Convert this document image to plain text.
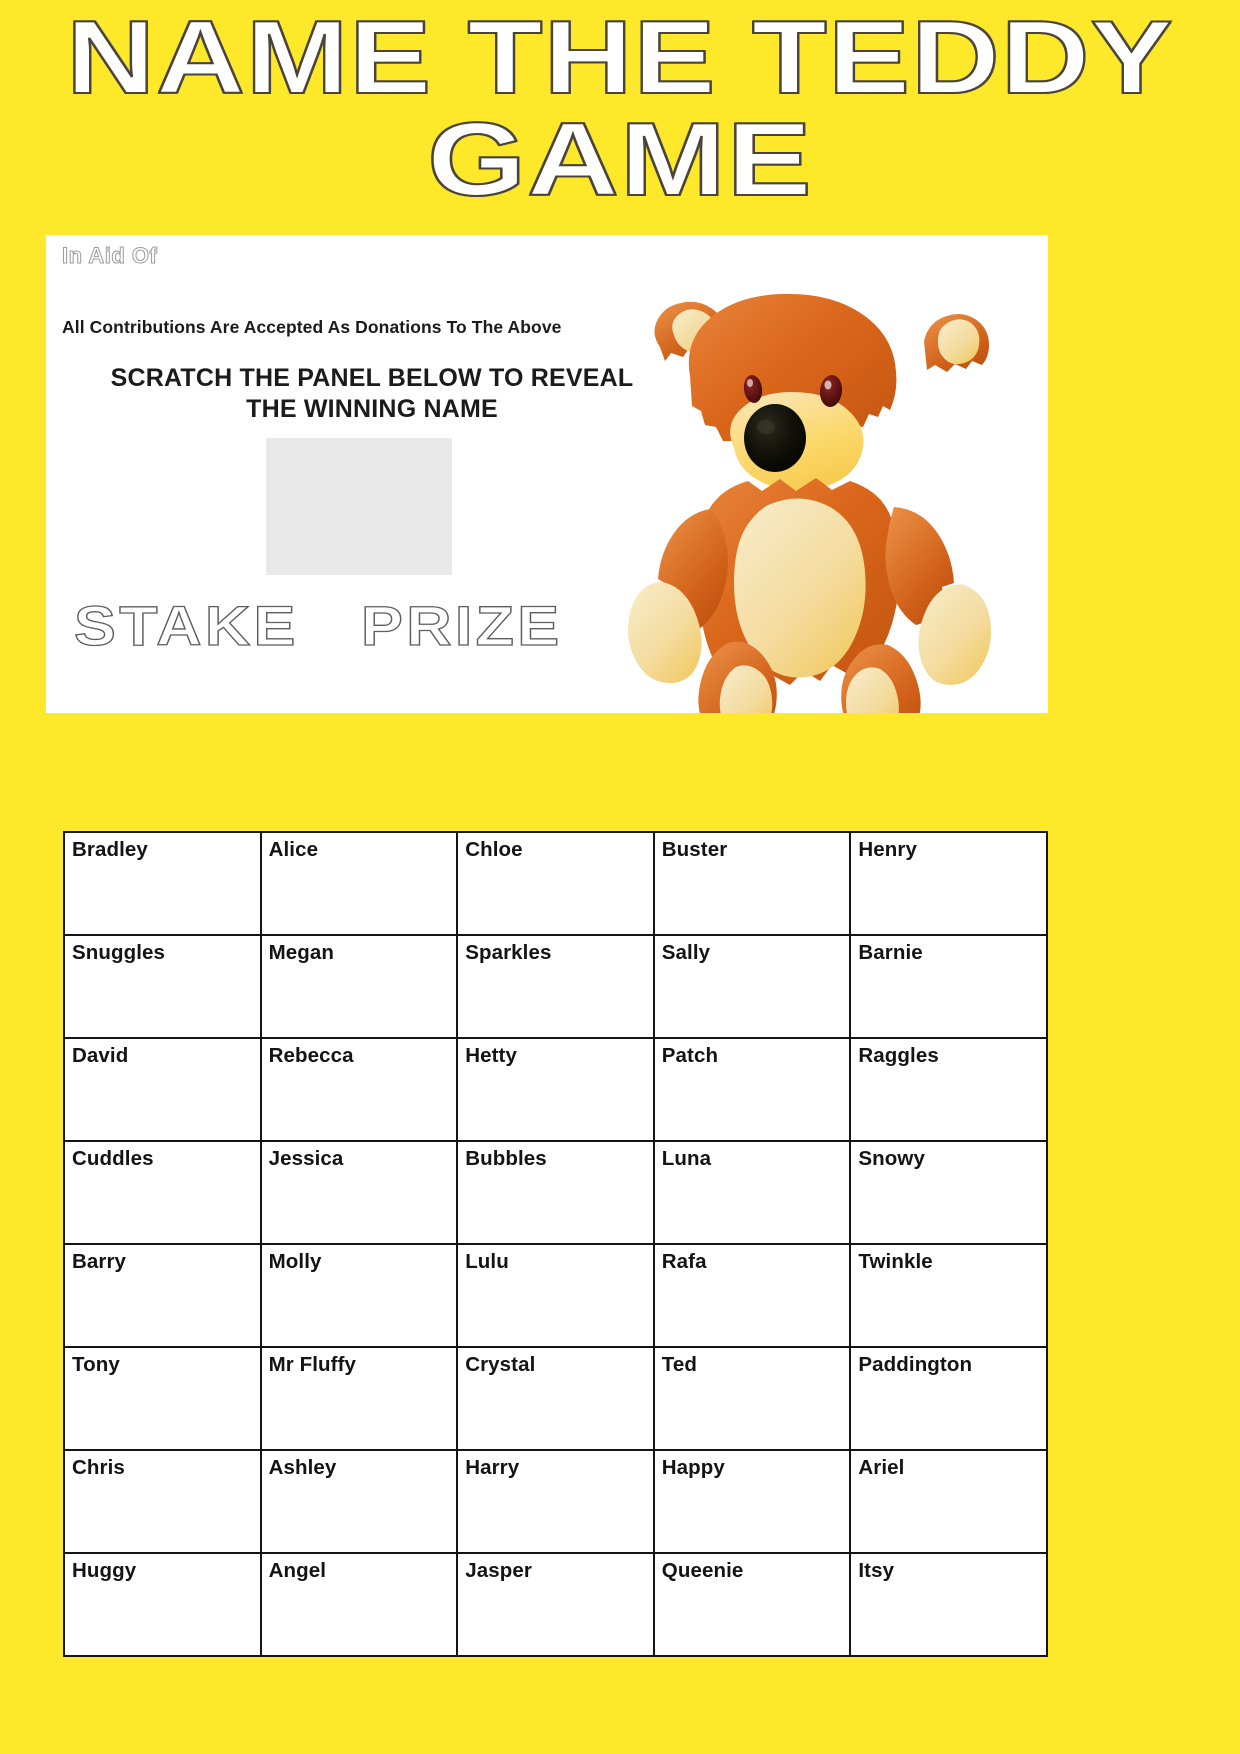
NAME THE TEDDY
GAME
In Aid Of
All Contributions Are Accepted As Donations To The Above
SCRATCH THE PANEL BELOW TO REVEAL
THE WINNING NAME
STAKE PRIZE
Bradley	Alice	Chloe	Buster	Henry
Snuggles	Megan	Sparkles	Sally	Barnie
David	Rebecca	Hetty	Patch	Raggles
Cuddles	Jessica	Bubbles	Luna	Snowy
Barry	Molly	Lulu	Rafa	Twinkle
Tony	Mr Fluffy	Crystal	Ted	Paddington
Chris	Ashley	Harry	Happy	Ariel
Huggy	Angel	Jasper	Queenie	Itsy
